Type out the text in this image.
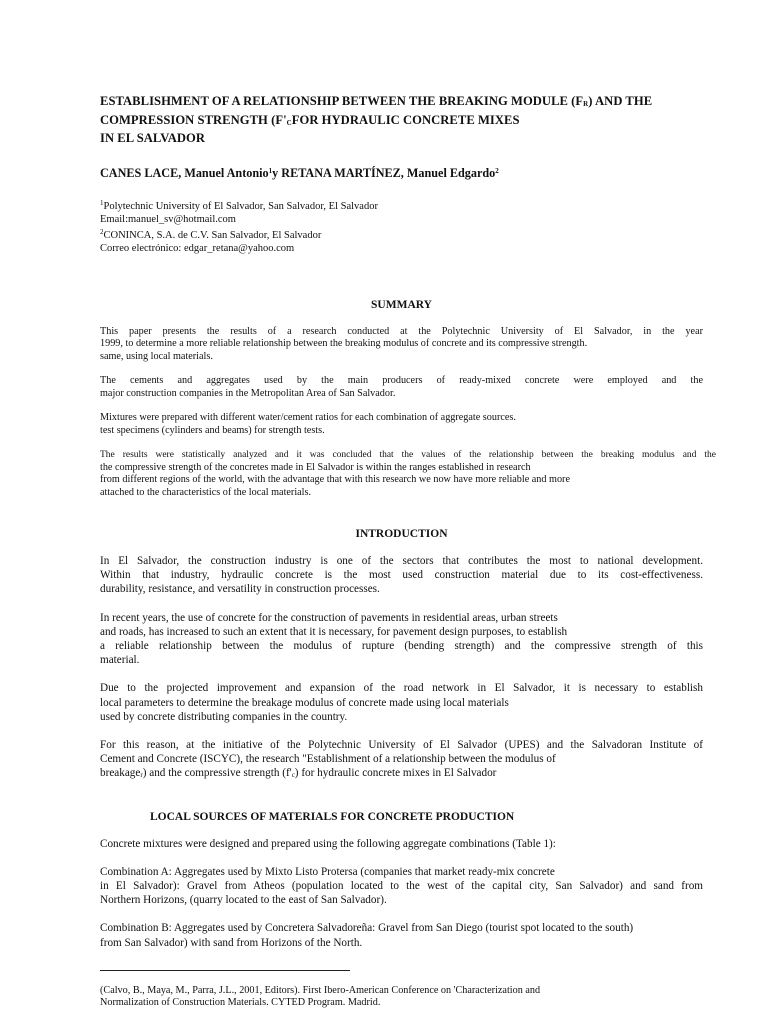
ESTABLISHMENT OF A RELATIONSHIP BETWEEN THE BREAKING MODULE (FR) AND THE
COMPRESSION STRENGTH (F'CFOR HYDRAULIC CONCRETE MIXES
IN EL SALVADOR
CANES LACE, Manuel Antonio$^1$y RETANA MARTÍNEZ, Manuel Edgardo$^2$
$^1$Polytechnic University of El Salvador, San Salvador, El Salvador
Email:manuel_sv@hotmail.com
$^2$CONINCA, S.A. de C.V. San Salvador, El Salvador
Correo electrónico: edgar_retana@yahoo.com
SUMMARY
This paper presents the results of a research conducted at the Polytechnic University of El Salvador, in the year
1999, to determine a more reliable relationship between the breaking modulus of concrete and its compressive strength.
same, using local materials.
The cements and aggregates used by the main producers of ready-mixed concrete were employed and the
major construction companies in the Metropolitan Area of San Salvador.
Mixtures were prepared with different water/cement ratios for each combination of aggregate sources.
test specimens (cylinders and beams) for strength tests.
The results were statistically analyzed and it was concluded that the values of the relationship between the breaking modulus and the
the compressive strength of the concretes made in El Salvador is within the ranges established in research
from different regions of the world, with the advantage that with this research we now have more reliable and more
attached to the characteristics of the local materials.
INTRODUCTION
In El Salvador, the construction industry is one of the sectors that contributes the most to national development.
Within that industry, hydraulic concrete is the most used construction material due to its cost-effectiveness.
durability, resistance, and versatility in construction processes.
In recent years, the use of concrete for the construction of pavements in residential areas, urban streets
and roads, has increased to such an extent that it is necessary, for pavement design purposes, to establish
a reliable relationship between the modulus of rupture (bending strength) and the compressive strength of this
material.
Due to the projected improvement and expansion of the road network in El Salvador, it is necessary to establish
local parameters to determine the breakage modulus of concrete made using local materials
used by concrete distributing companies in the country.
For this reason, at the initiative of the Polytechnic University of El Salvador (UPES) and the Salvadoran Institute of
Cement and Concrete (ISCYC), the research "Establishment of a relationship between the modulus of
breakager) and the compressive strength (f'c) for hydraulic concrete mixes in El Salvador
LOCAL SOURCES OF MATERIALS FOR CONCRETE PRODUCTION
Concrete mixtures were designed and prepared using the following aggregate combinations (Table 1):
Combination A: Aggregates used by Mixto Listo Protersa (companies that market ready-mix concrete
in El Salvador): Gravel from Atheos (population located to the west of the capital city, San Salvador) and sand from
Northern Horizons, (quarry located to the east of San Salvador).
Combination B: Aggregates used by Concretera Salvadoreña: Gravel from San Diego (tourist spot located to the south)
from San Salvador) with sand from Horizons of the North.
(Calvo, B., Maya, M., Parra, J.L., 2001, Editors). First Ibero-American Conference on 'Characterization and
Normalization of Construction Materials. CYTED Program. Madrid.
